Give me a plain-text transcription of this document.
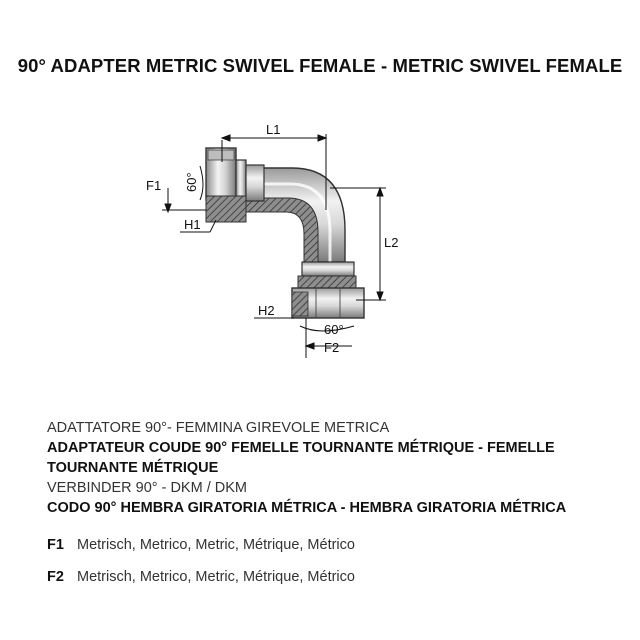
90° ADAPTER METRIC SWIVEL FEMALE - METRIC SWIVEL FEMALE
L1
L2
F1
H1
H2
F2
60°
60°
ADATTATORE 90°- FEMMINA GIREVOLE METRICA
ADAPTATEUR COUDE 90° FEMELLE TOURNANTE MÉTRIQUE - FEMELLE TOURNANTE MÉTRIQUE
VERBINDER 90° - DKM / DKM
CODO 90° HEMBRA GIRATORIA MÉTRICA - HEMBRA GIRATORIA MÉTRICA
F1 Metrisch, Metrico, Metric, Métrique, Métrico
F2 Metrisch, Metrico, Metric, Métrique, Métrico
